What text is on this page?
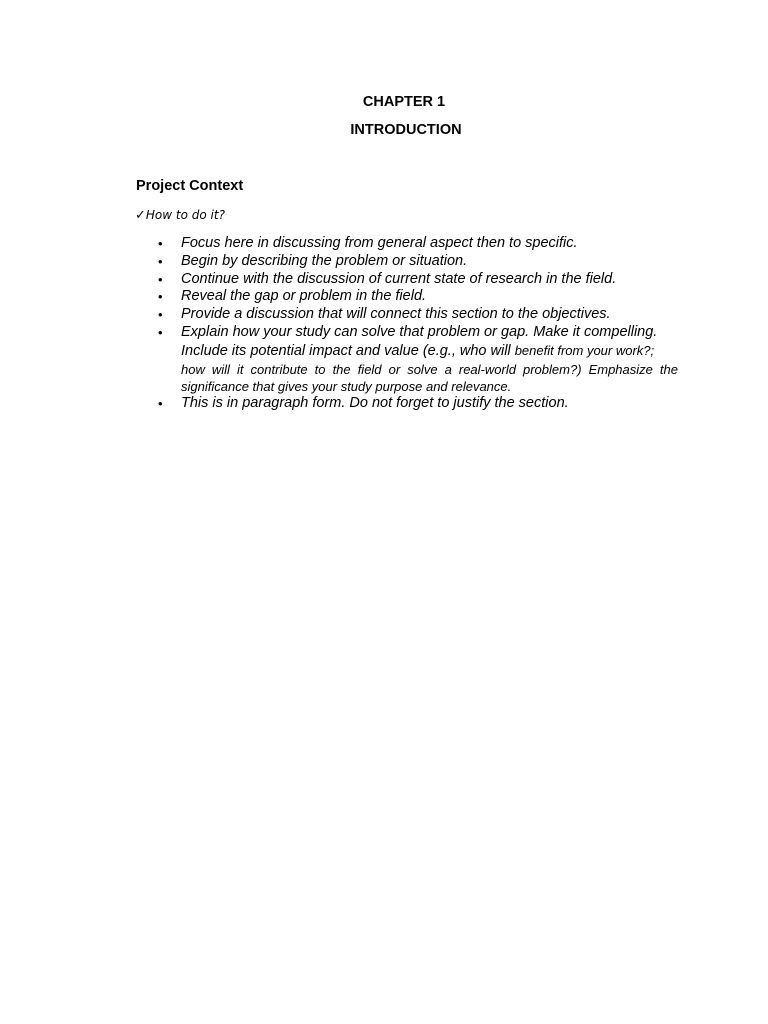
CHAPTER 1
INTRODUCTION
Project Context
✓How to do it?
• Focus here in discussing from general aspect then to specific.
• Begin by describing the problem or situation.
• Continue with the discussion of current state of research in the field.
• Reveal the gap or problem in the field.
• Provide a discussion that will connect this section to the objectives.
• Explain how your study can solve that problem or gap. Make it compelling.
Include its potential impact and value (e.g., who will benefit from your work?;
how will it contribute to the field or solve a real-world problem?) Emphasize the
significance that gives your study purpose and relevance.
• This is in paragraph form. Do not forget to justify the section.
